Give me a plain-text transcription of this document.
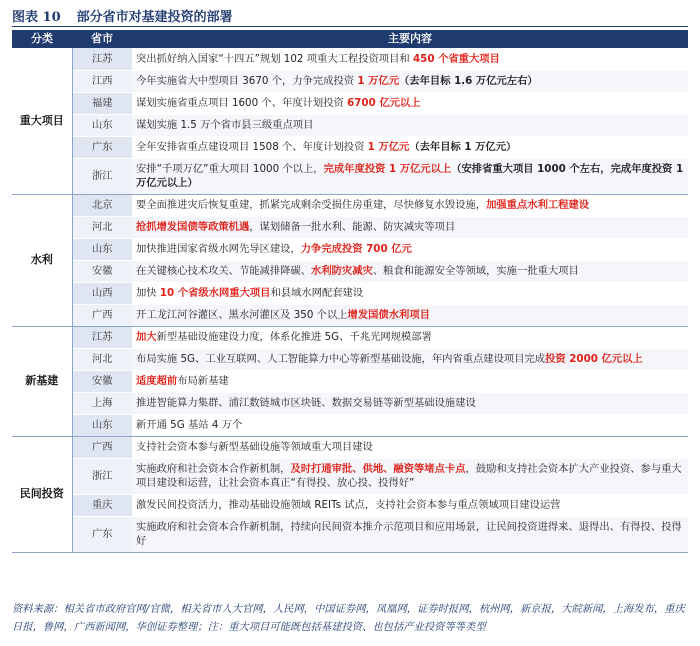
图表 10 部分省市对基建投资的部署
分类	省市	主要内容
重大项目	江苏	突出抓好纳入国家“十四五”规划 102 项重大工程投资项目和 450 个省重大项目
	江西	今年实施省大中型项目 3670 个，力争完成投资 1 万亿元（去年目标 1.6 万亿元左右）
	福建	谋划实施省重点项目 1600 个、年度计划投资 6700 亿元以上
	山东	谋划实施 1.5 万个省市县三级重点项目
	广东	全年安排省重点建设项目 1508 个、年度计划投资 1 万亿元（去年目标 1 万亿元）
	浙江	安排“千项万亿”重大项目 1000 个以上，完成年度投资 1 万亿元以上（安排省重大项目 1000 个左右，完成年度投资 1 万亿元以上）
水利	北京	要全面推进灾后恢复重建，抓紧完成剩余受损住房重建，尽快修复水毁设施，加强重点水利工程建设
	河北	抢抓增发国债等政策机遇，谋划储备一批水利、能源、防灾减灾等项目
	山东	加快推进国家省级水网先导区建设，力争完成投资 700 亿元
	安徽	在关键核心技术攻关、节能减排降碳、水利防灾减灾、粮食和能源安全等领域，实施一批重大项目
	山西	加快 10 个省级水网重大项目和县域水网配套建设
	广西	开工龙江河谷灌区、黑水河灌区及 350 个以上增发国债水利项目
新基建	江苏	加大新型基础设施建设力度，体系化推进 5G、千兆光网规模部署
	河北	布局实施 5G、工业互联网、人工智能算力中心等新型基础设施，年内省重点建设项目完成投资 2000 亿元以上
	安徽	适度超前布局新基建
	上海	推进智能算力集群、浦江数链城市区块链、数据交易链等新型基础设施建设
	山东	新开通 5G 基站 4 万个
民间投资	广西	支持社会资本参与新型基础设施等领域重大项目建设
	浙江	实施政府和社会资本合作新机制，及时打通审批、供地、融资等堵点卡点，鼓励和支持社会资本扩大产业投资、参与重大项目建设和运营，让社会资本真正“有得投、放心投、投得好”
	重庆	激发民间投资活力，推动基础设施领域 REITs 试点，支持社会资本参与重点领域项目建设运营
	广东	实施政府和社会资本合作新机制，持续向民间资本推介示范项目和应用场景，让民间投资进得来、退得出、有得投、投得好
资料来源：相关省市政府官网/官微，相关省市人大官网，人民网，中国证券网，凤凰网，证券时报网，杭州网，新京报，大皖新闻，上海发布，重庆日报，鲁网，广西新闻网，华创证券整理；注：重大项目可能既包括基建投资、也包括产业投资等等类型
